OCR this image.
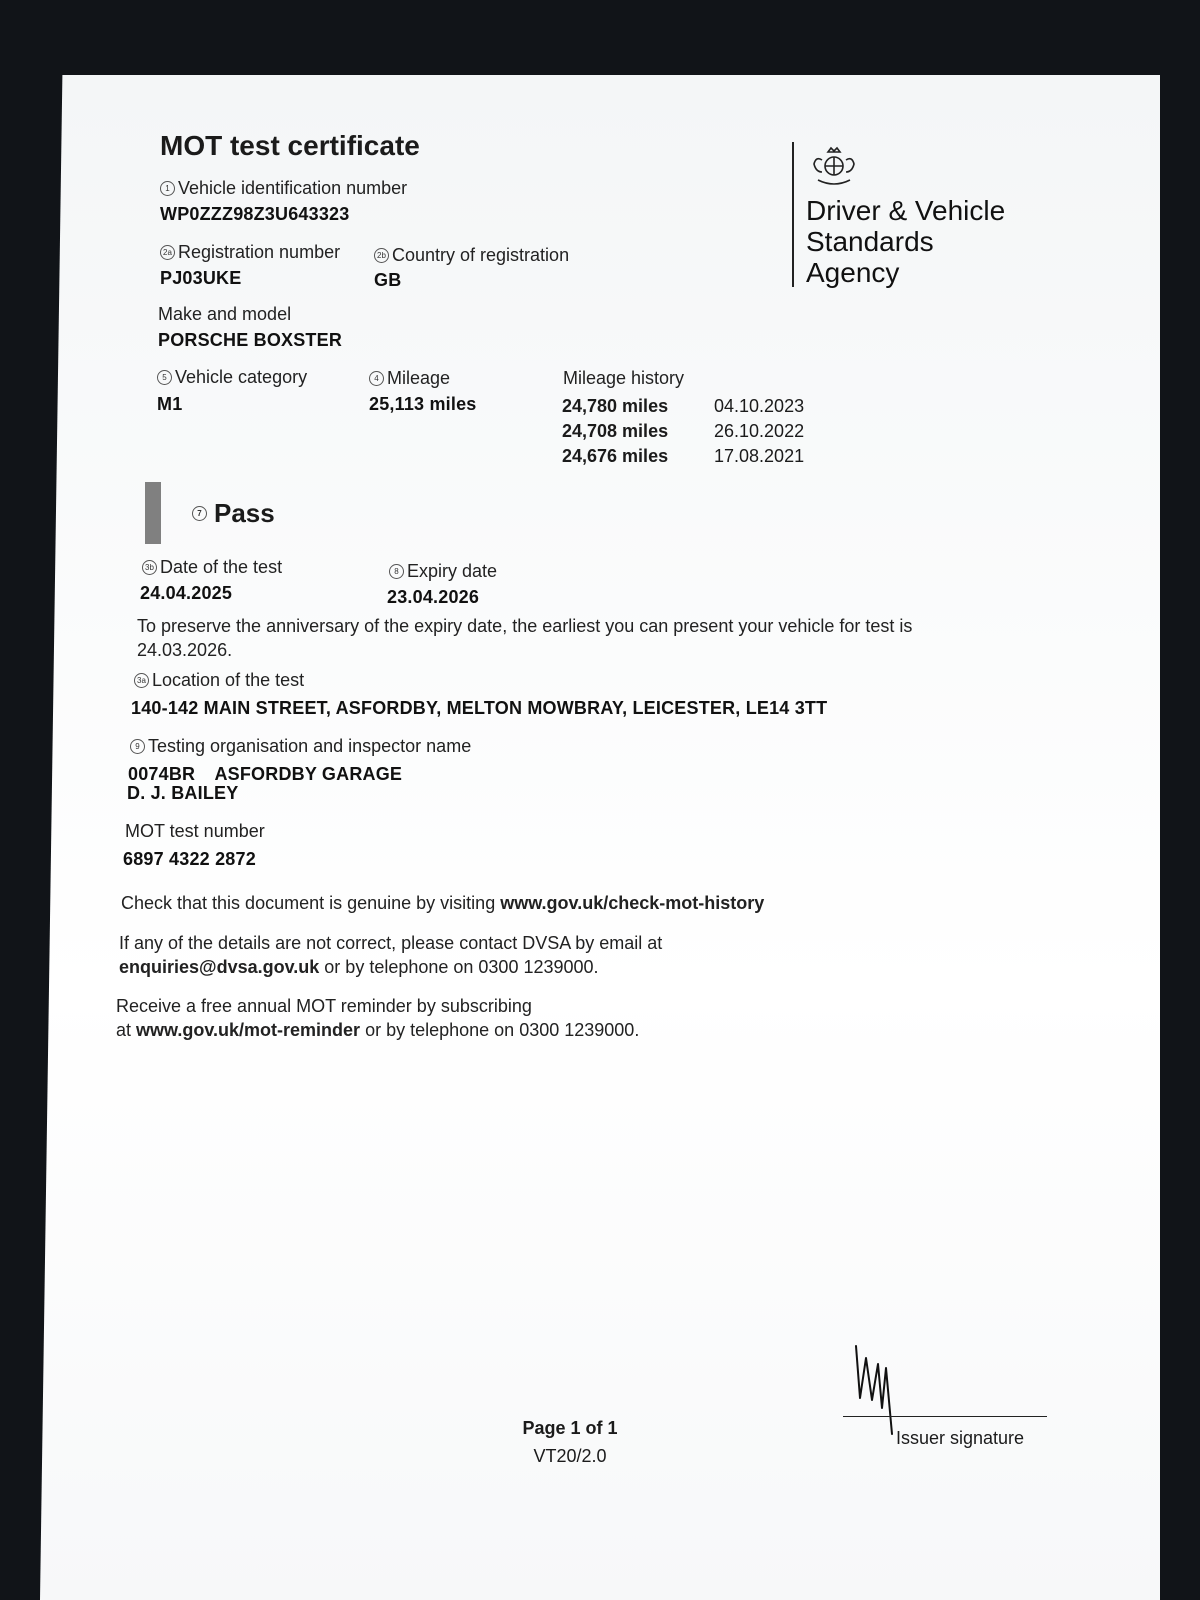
MOT test certificate
1 Vehicle identification number
WP0ZZZ98Z3U643323
2a Registration number
PJ03UKE
2b Country of registration
GB
Make and model
PORSCHE BOXSTER
5 Vehicle category
M1
4 Mileage
25,113 miles
Mileage history
24,780 miles	04.10.2023
24,708 miles	26.10.2022
24,676 miles	17.08.2021
Driver & Vehicle
Standards
Agency
7 Pass
3b Date of the test
24.04.2025
8 Expiry date
23.04.2026
To preserve the anniversary of the expiry date, the earliest you can present your vehicle for test is
24.03.2026.
3a Location of the test
140-142 MAIN STREET, ASFORDBY, MELTON MOWBRAY, LEICESTER, LE14 3TT
9 Testing organisation and inspector name
0074BR ASFORDBY GARAGE
D. J. BAILEY
MOT test number
6897 4322 2872
Check that this document is genuine by visiting www.gov.uk/check-mot-history
If any of the details are not correct, please contact DVSA by email at
enquiries@dvsa.gov.uk or by telephone on 0300 1239000.
Receive a free annual MOT reminder by subscribing
at www.gov.uk/mot-reminder or by telephone on 0300 1239000.
Page 1 of 1
VT20/2.0
Issuer signature
